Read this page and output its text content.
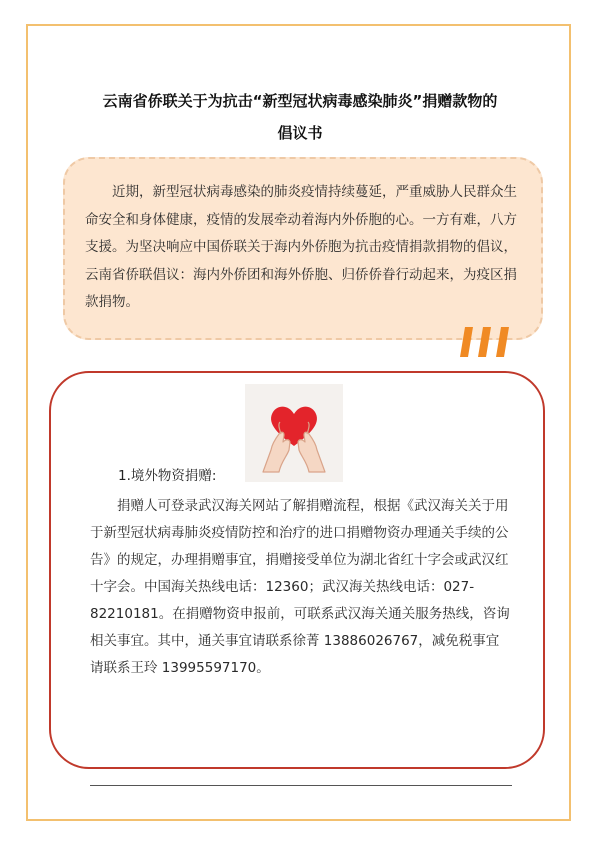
云南省侨联关于为抗击“新型冠状病毒感染肺炎”捐赠款物的
倡议书

近期，新型冠状病毒感染的肺炎疫情持续蔓延，严重威胁人民群众生命安全和身体健康，疫情的发展牵动着海内外侨胞的心。一方有难，八方支援。为坚决响应中国侨联关于海内外侨胞为抗击疫情捐款捐物的倡议，云南省侨联倡议：海内外侨团和海外侨胞、归侨侨眷行动起来，为疫区捐款捐物。

1.境外物资捐赠:

捐赠人可登录武汉海关网站了解捐赠流程，根据《武汉海关关于用于新型冠状病毒肺炎疫情防控和治疗的进口捐赠物资办理通关手续的公告》的规定，办理捐赠事宜，捐赠接受单位为湖北省红十字会或武汉红十字会。中国海关热线电话：12360；武汉海关热线电话：027-82210181。在捐赠物资申报前，可联系武汉海关通关服务热线，咨询相关事宜。其中，通关事宜请联系徐菁 13886026767，减免税事宜请联系王玲 13995597170。
